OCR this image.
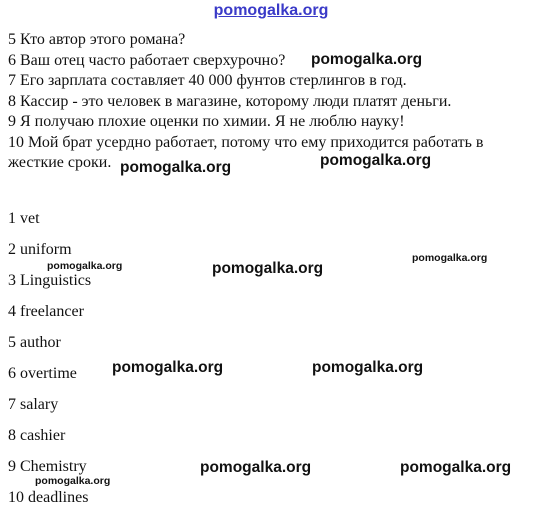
pomogalka.org
5 Кто автор этого романа?
6 Ваш отец часто работает сверхурочно?
7 Его зарплата составляет 40 000 фунтов стерлингов в год.
8 Кассир - это человек в магазине, которому люди платят деньги.
9 Я получаю плохие оценки по химии. Я не люблю науку!
10 Мой брат усердно работает, потому что ему приходится работать в жесткие сроки.
1 vet
2 uniform
3 Linguistics
4 freelancer
5 author
6 overtime
7 salary
8 cashier
9 Chemistry
10 deadlines
pomogalka.org
pomogalka.org	pomogalka.org
pomogalka.org	pomogalka.org
pomogalka.org
pomogalka.org	pomogalka.org
pomogalka.org	pomogalka.org
pomogalka.org
